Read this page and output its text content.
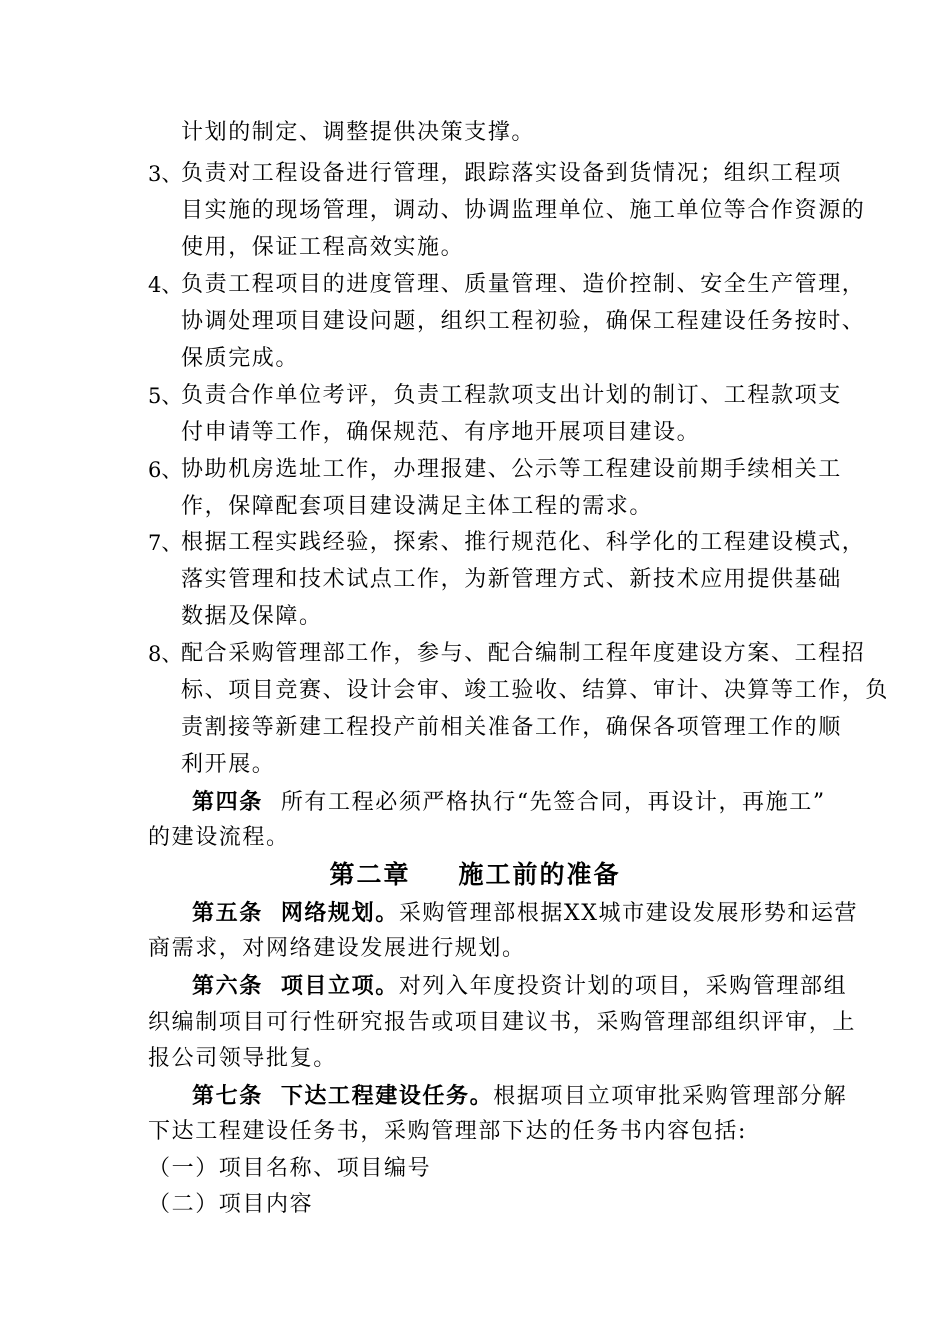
计划的制定、调整提供决策支撑。
3、
负责对工程设备进行管理，跟踪落实设备到货情况；组织工程项
目实施的现场管理，调动、协调监理单位、施工单位等合作资源的
使用，保证工程高效实施。
4、
负责工程项目的进度管理、质量管理、造价控制、安全生产管理，
协调处理项目建设问题，组织工程初验，确保工程建设任务按时、
保质完成。
5、
负责合作单位考评，负责工程款项支出计划的制订、工程款项支
付申请等工作，确保规范、有序地开展项目建设。
6、
协助机房选址工作，办理报建、公示等工程建设前期手续相关工
作，保障配套项目建设满足主体工程的需求。
7、
根据工程实践经验，探索、推行规范化、科学化的工程建设模式，
落实管理和技术试点工作，为新管理方式、新技术应用提供基础
数据及保障。
8、
配合采购管理部工作，参与、配合编制工程年度建设方案、工程招
标、项目竞赛、设计会审、竣工验收、结算、审计、决算等工作，负
责割接等新建工程投产前相关准备工作，确保各项管理工作的顺
利开展。
第四条 所有工程必须严格执行“先签合同，再设计，再施工”
的建设流程。
第二章 施工前的准备
第五条 网络规划。采购管理部根据XX城市建设发展形势和运营
商需求，对网络建设发展进行规划。
第六条 项目立项。对列入年度投资计划的项目，采购管理部组
织编制项目可行性研究报告或项目建议书，采购管理部组织评审，上
报公司领导批复。
第七条 下达工程建设任务。根据项目立项审批采购管理部分解
下达工程建设任务书，采购管理部下达的任务书内容包括:
（一）项目名称、项目编号
（二）项目内容
